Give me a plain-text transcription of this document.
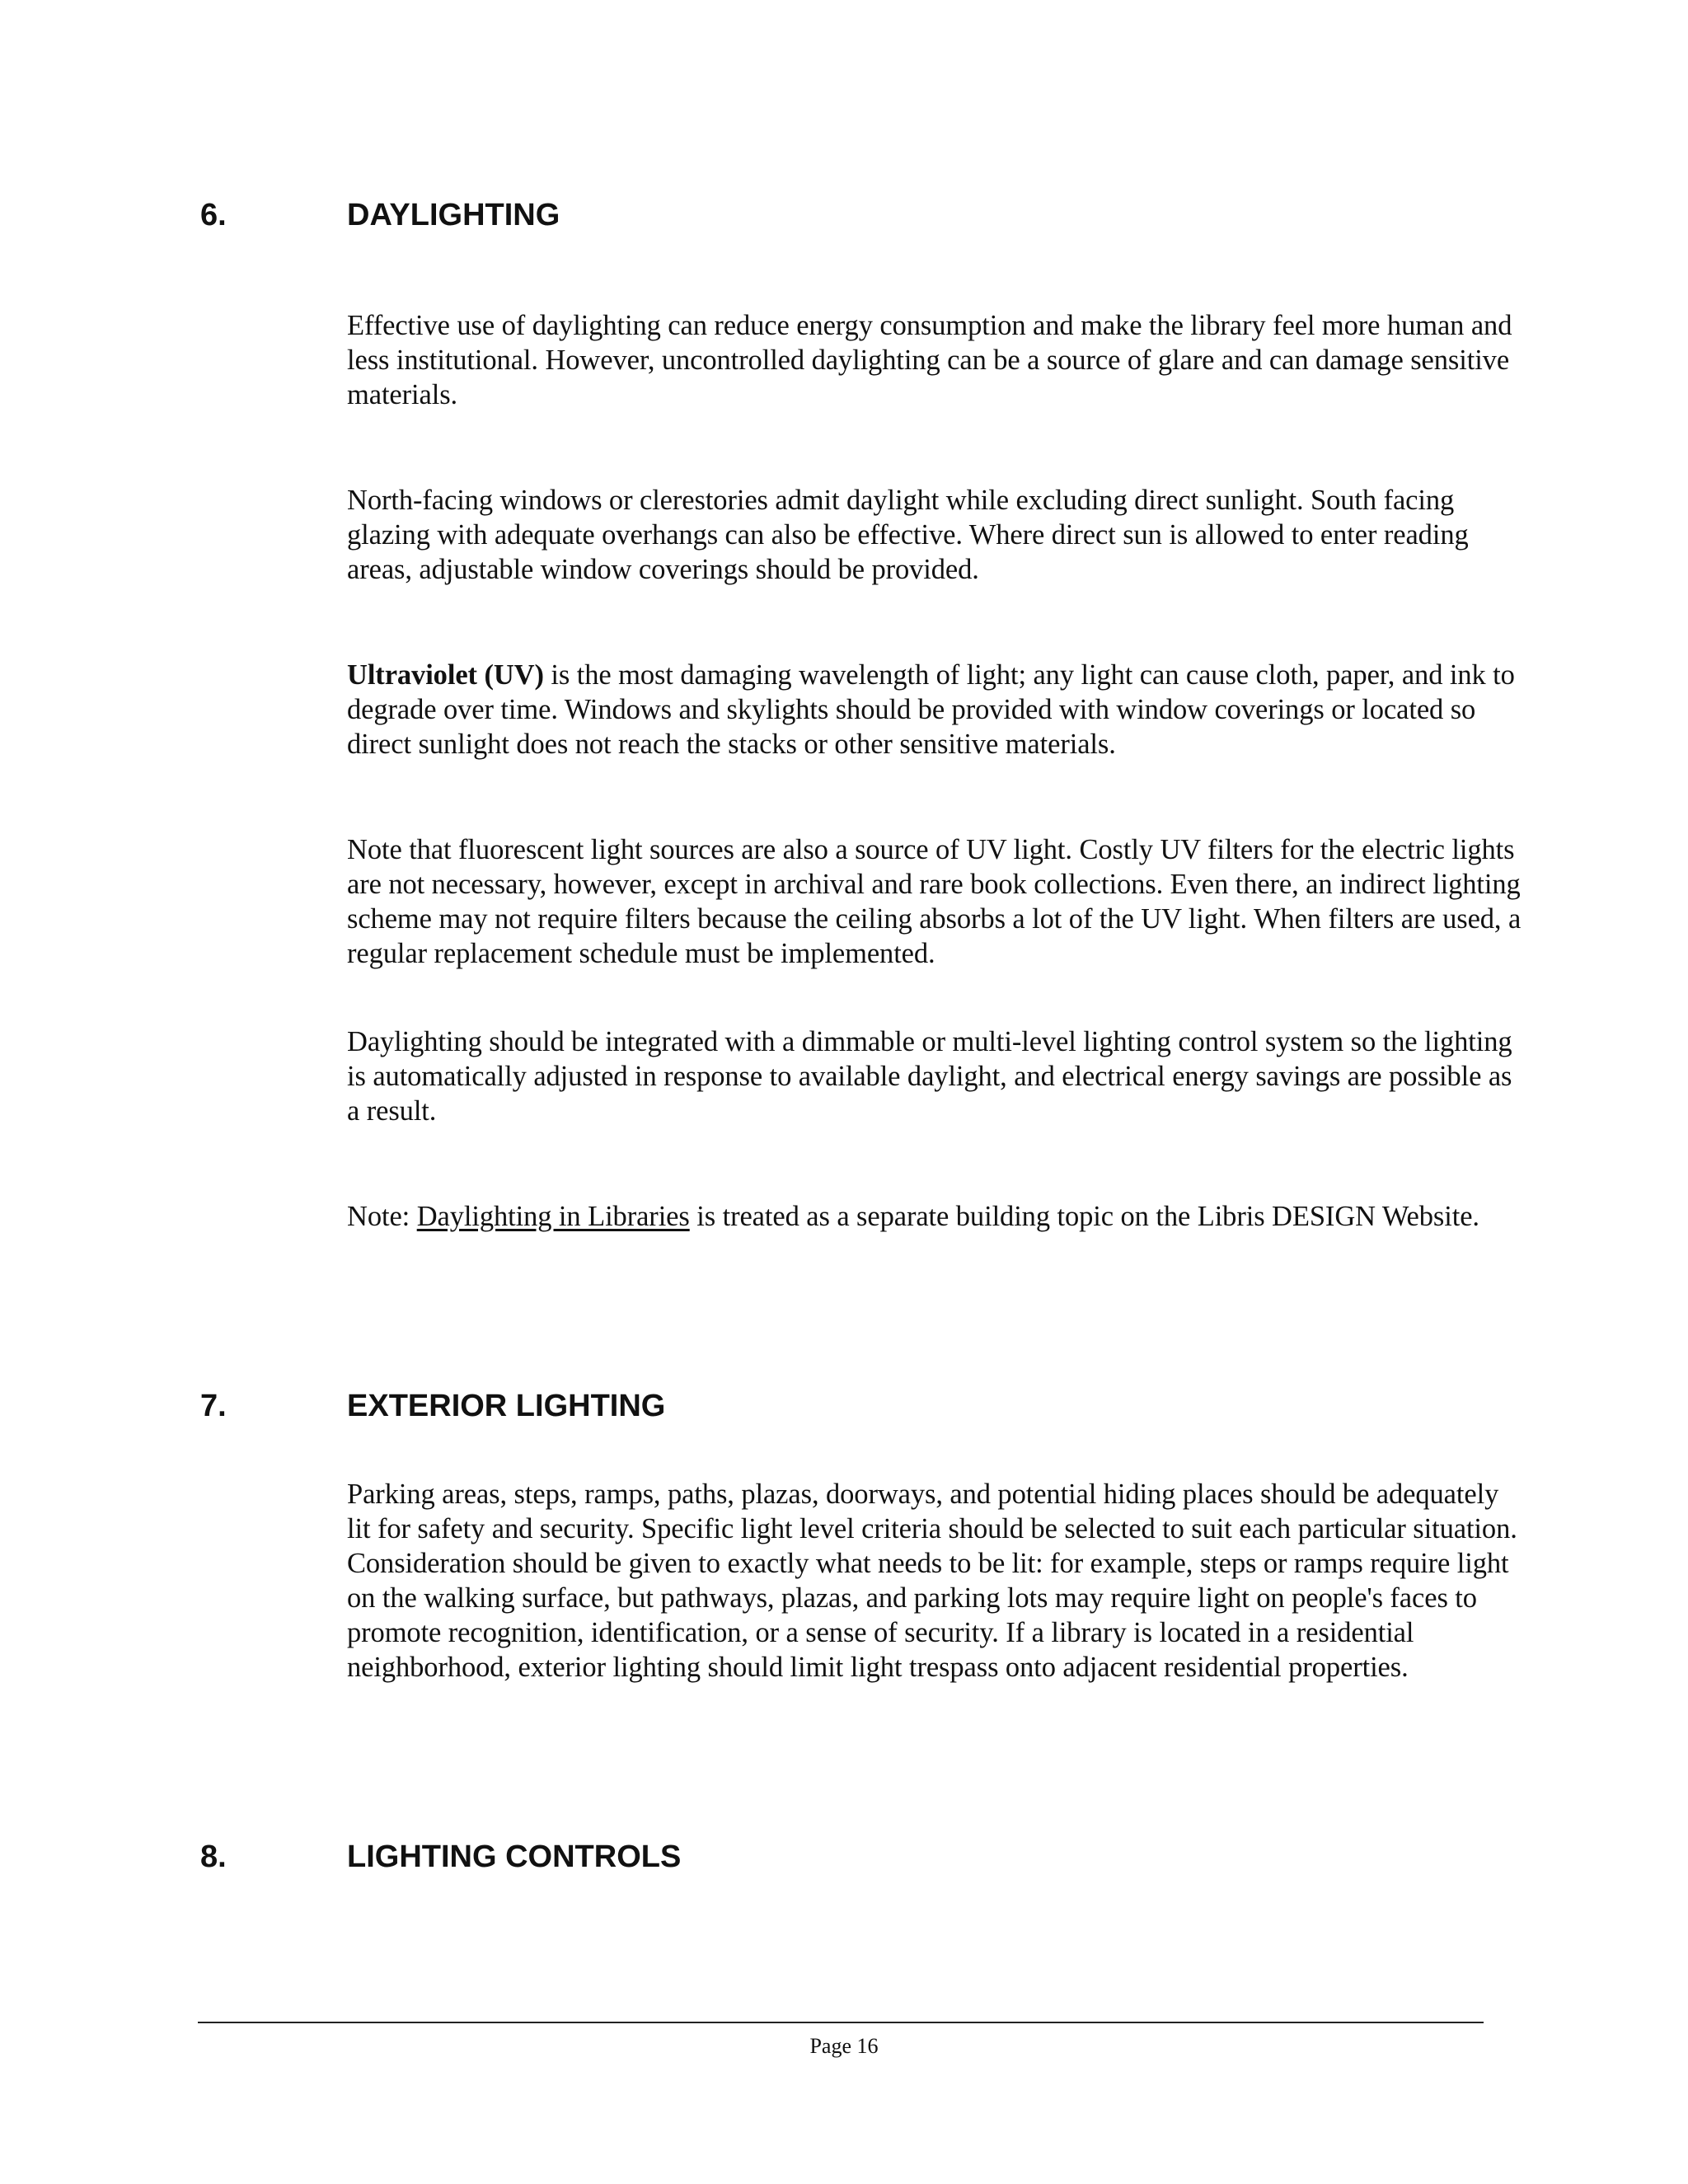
6.	DAYLIGHTING

Effective use of daylighting can reduce energy consumption and make the library feel more human and less institutional. However, uncontrolled daylighting can be a source of glare and can damage sensitive materials.

North-facing windows or clerestories admit daylight while excluding direct sunlight. South facing glazing with adequate overhangs can also be effective. Where direct sun is allowed to enter reading areas, adjustable window coverings should be provided.

Ultraviolet (UV) is the most damaging wavelength of light; any light can cause cloth, paper, and ink to degrade over time. Windows and skylights should be provided with window coverings or located so direct sunlight does not reach the stacks or other sensitive materials.

Note that fluorescent light sources are also a source of UV light. Costly UV filters for the electric lights are not necessary, however, except in archival and rare book collections. Even there, an indirect lighting scheme may not require filters because the ceiling absorbs a lot of the UV light. When filters are used, a regular replacement schedule must be implemented.

Daylighting should be integrated with a dimmable or multi-level lighting control system so the lighting is automatically adjusted in response to available daylight, and electrical energy savings are possible as a result.

Note: Daylighting in Libraries is treated as a separate building topic on the Libris DESIGN Website.

7.	EXTERIOR LIGHTING

Parking areas, steps, ramps, paths, plazas, doorways, and potential hiding places should be adequately lit for safety and security. Specific light level criteria should be selected to suit each particular situation. Consideration should be given to exactly what needs to be lit: for example, steps or ramps require light on the walking surface, but pathways, plazas, and parking lots may require light on people's faces to promote recognition, identification, or a sense of security. If a library is located in a residential neighborhood, exterior lighting should limit light trespass onto adjacent residential properties.

8.	LIGHTING CONTROLS
Page 16
